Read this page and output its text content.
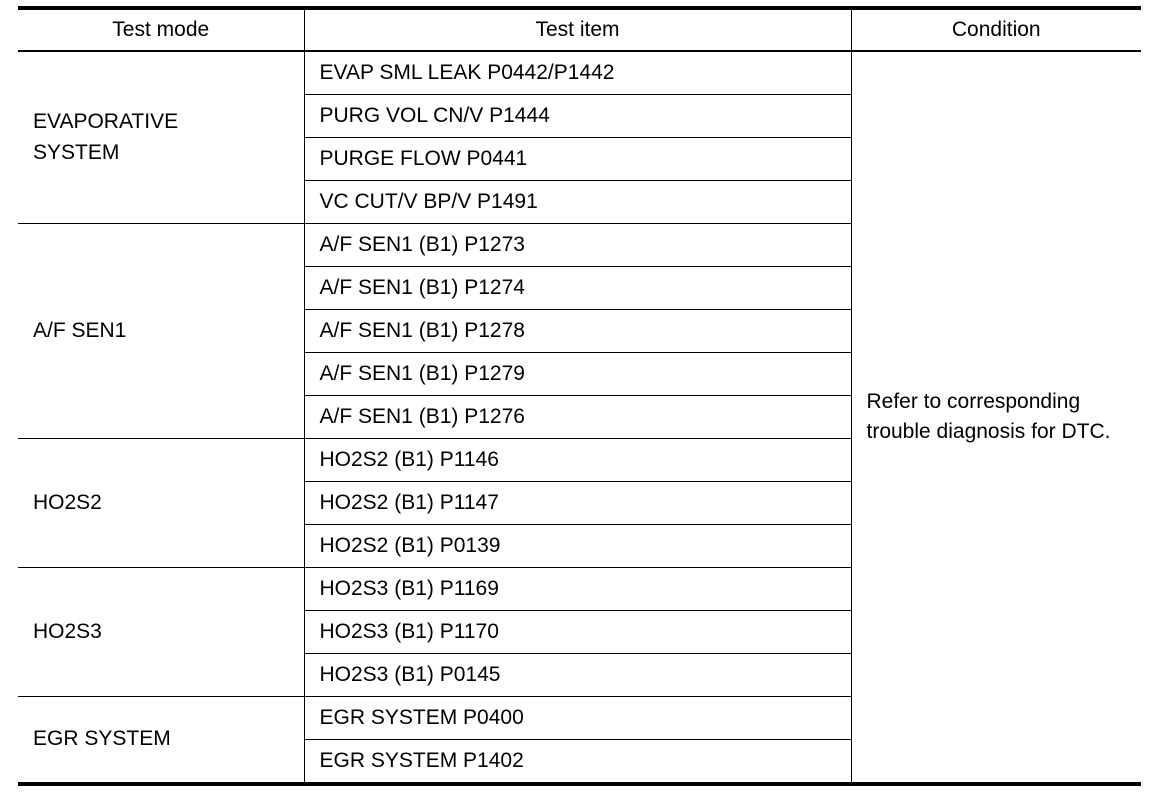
Test mode	Test item	Condition
EVAPORATIVE SYSTEM	EVAP SML LEAK P0442/P1442	Refer to corresponding trouble diagnosis for DTC.
	PURG VOL CN/V P1444	
	PURGE FLOW P0441	
	VC CUT/V BP/V P1491	
A/F SEN1	A/F SEN1 (B1) P1273	
	A/F SEN1 (B1) P1274	
	A/F SEN1 (B1) P1278	
	A/F SEN1 (B1) P1279	
	A/F SEN1 (B1) P1276	
HO2S2	HO2S2 (B1) P1146	
	HO2S2 (B1) P1147	
	HO2S2 (B1) P0139	
HO2S3	HO2S3 (B1) P1169	
	HO2S3 (B1) P1170	
	HO2S3 (B1) P0145	
EGR SYSTEM	EGR SYSTEM P0400	
	EGR SYSTEM P1402	
